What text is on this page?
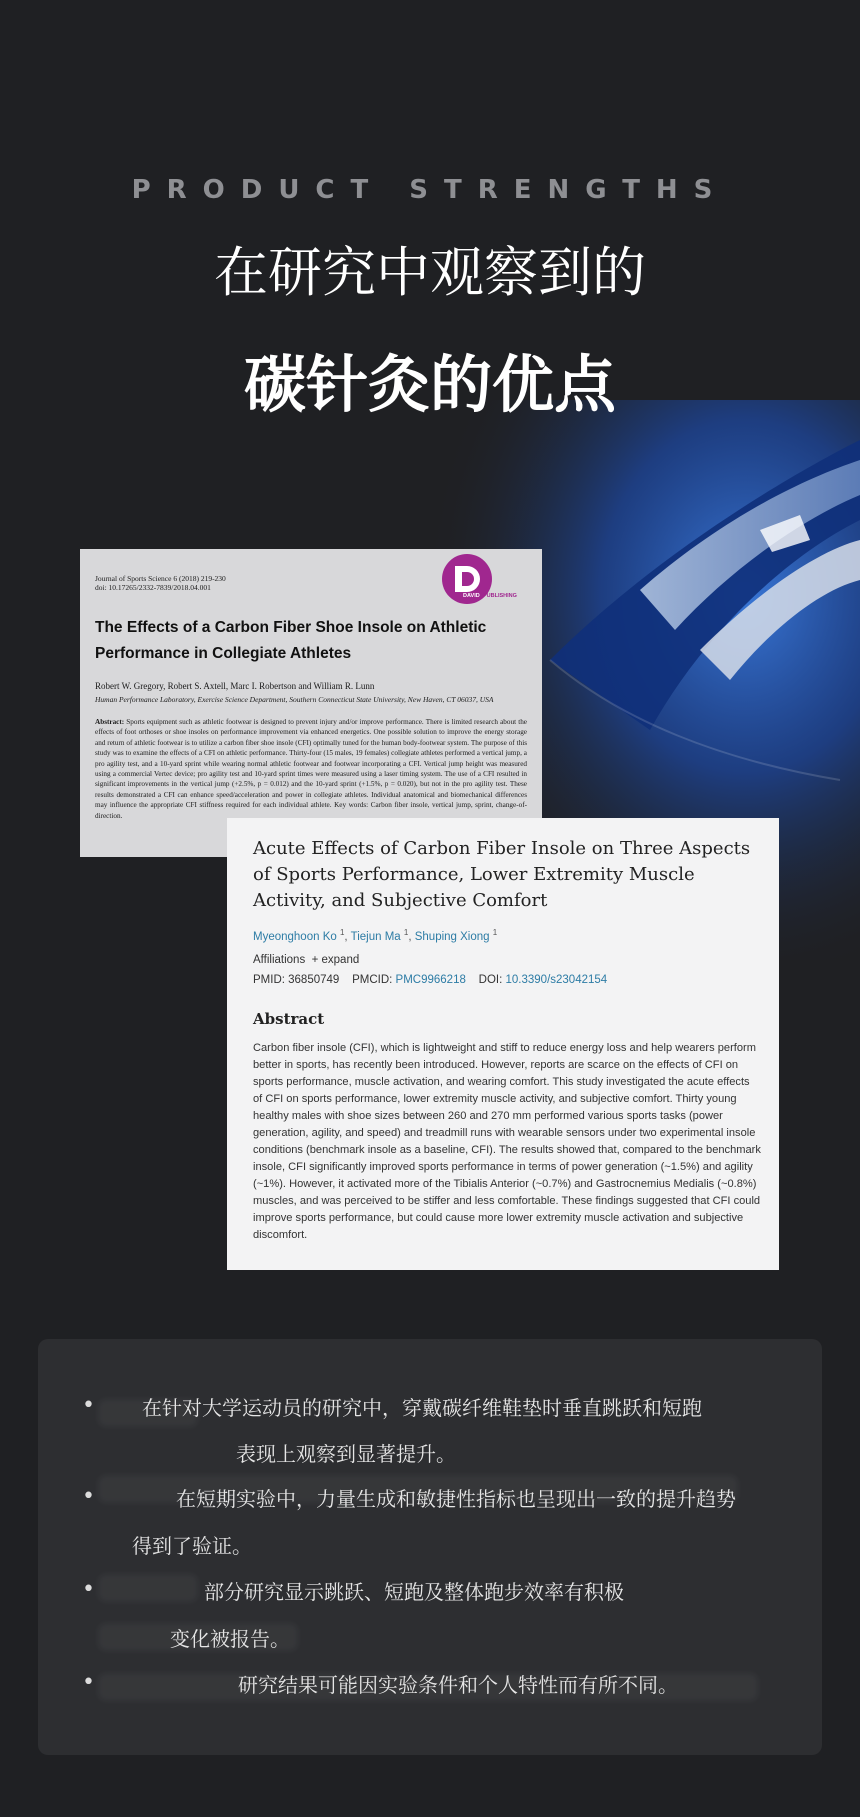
PRODUCT STRENGTHS
在研究中观察到的
碳针灸的优点
Journal of Sports Science 6 (2018) 219-230
doi: 10.17265/2332-7839/2018.04.001
DAVID PUBLISHING
The Effects of a Carbon Fiber Shoe Insole on Athletic Performance in Collegiate Athletes
Robert W. Gregory, Robert S. Axtell, Marc I. Robertson and William R. Lunn
Human Performance Laboratory, Exercise Science Department, Southern Connecticut State University, New Haven, CT 06037, USA
Abstract: Sports equipment such as athletic footwear is designed to prevent injury and/or improve performance. There is limited research about the effects of foot orthoses or shoe insoles on performance improvement via enhanced energetics. One possible solution to improve the energy storage and return of athletic footwear is to utilize a carbon fiber shoe insole (CFI) optimally tuned for the human body-footwear system. The purpose of this study was to examine the effects of a CFI on athletic performance. Thirty-four (15 males, 19 females) collegiate athletes performed a vertical jump, a pro agility test, and a 10-yard sprint while wearing normal athletic footwear and footwear incorporating a CFI. Vertical jump height was measured using a commercial Vertec device; pro agility test and 10-yard sprint times were measured using a laser timing system. The use of a CFI resulted in significant improvements in the vertical jump (+2.5%, p = 0.012) and the 10-yard sprint (+1.5%, p = 0.020), but not in the pro agility test. These results demonstrated a CFI can enhance speed/acceleration and power in collegiate athletes. Individual anatomical and biomechanical differences may influence the appropriate CFI stiffness required for each individual athlete. Key words: Carbon fiber insole, vertical jump, sprint, change-of-direction.
Acute Effects of Carbon Fiber Insole on Three Aspects of Sports Performance, Lower Extremity Muscle Activity, and Subjective Comfort
Myeonghoon Ko $^1$, Tiejun Ma $^1$, Shuping Xiong $^1$
Affiliations + expand
PMID: 36850749 PMCID: PMC9966218 DOI: 10.3390/s23042154
Abstract
Carbon fiber insole (CFI), which is lightweight and stiff to reduce energy loss and help wearers perform better in sports, has recently been introduced. However, reports are scarce on the effects of CFI on sports performance, muscle activation, and wearing comfort. This study investigated the acute effects of CFI on sports performance, lower extremity muscle activity, and subjective comfort. Thirty young healthy males with shoe sizes between 260 and 270 mm performed various sports tasks (power generation, agility, and speed) and treadmill runs with wearable sensors under two experimental insole conditions (benchmark insole as a baseline, CFI). The results showed that, compared to the benchmark insole, CFI significantly improved sports performance in terms of power generation (~1.5%) and agility (~1%). However, it activated more of the Tibialis Anterior (~0.7%) and Gastrocnemius Medialis (~0.8%) muscles, and was perceived to be stiffer and less comfortable. These findings suggested that CFI could improve sports performance, but could cause more lower extremity muscle activation and subjective discomfort.
• 在针对大学运动员的研究中，穿戴碳纤维鞋垫时垂直跳跃和短跑
表现上观察到显著提升。
•	在短期实验中，力量生成和敏捷性指标也呈现出一致的提升趋势
得到了验证。
•	部分研究显示跳跃、短跑及整体跑步效率有积极
变化被报告。
•	研究结果可能因实验条件和个人特性而有所不同。
